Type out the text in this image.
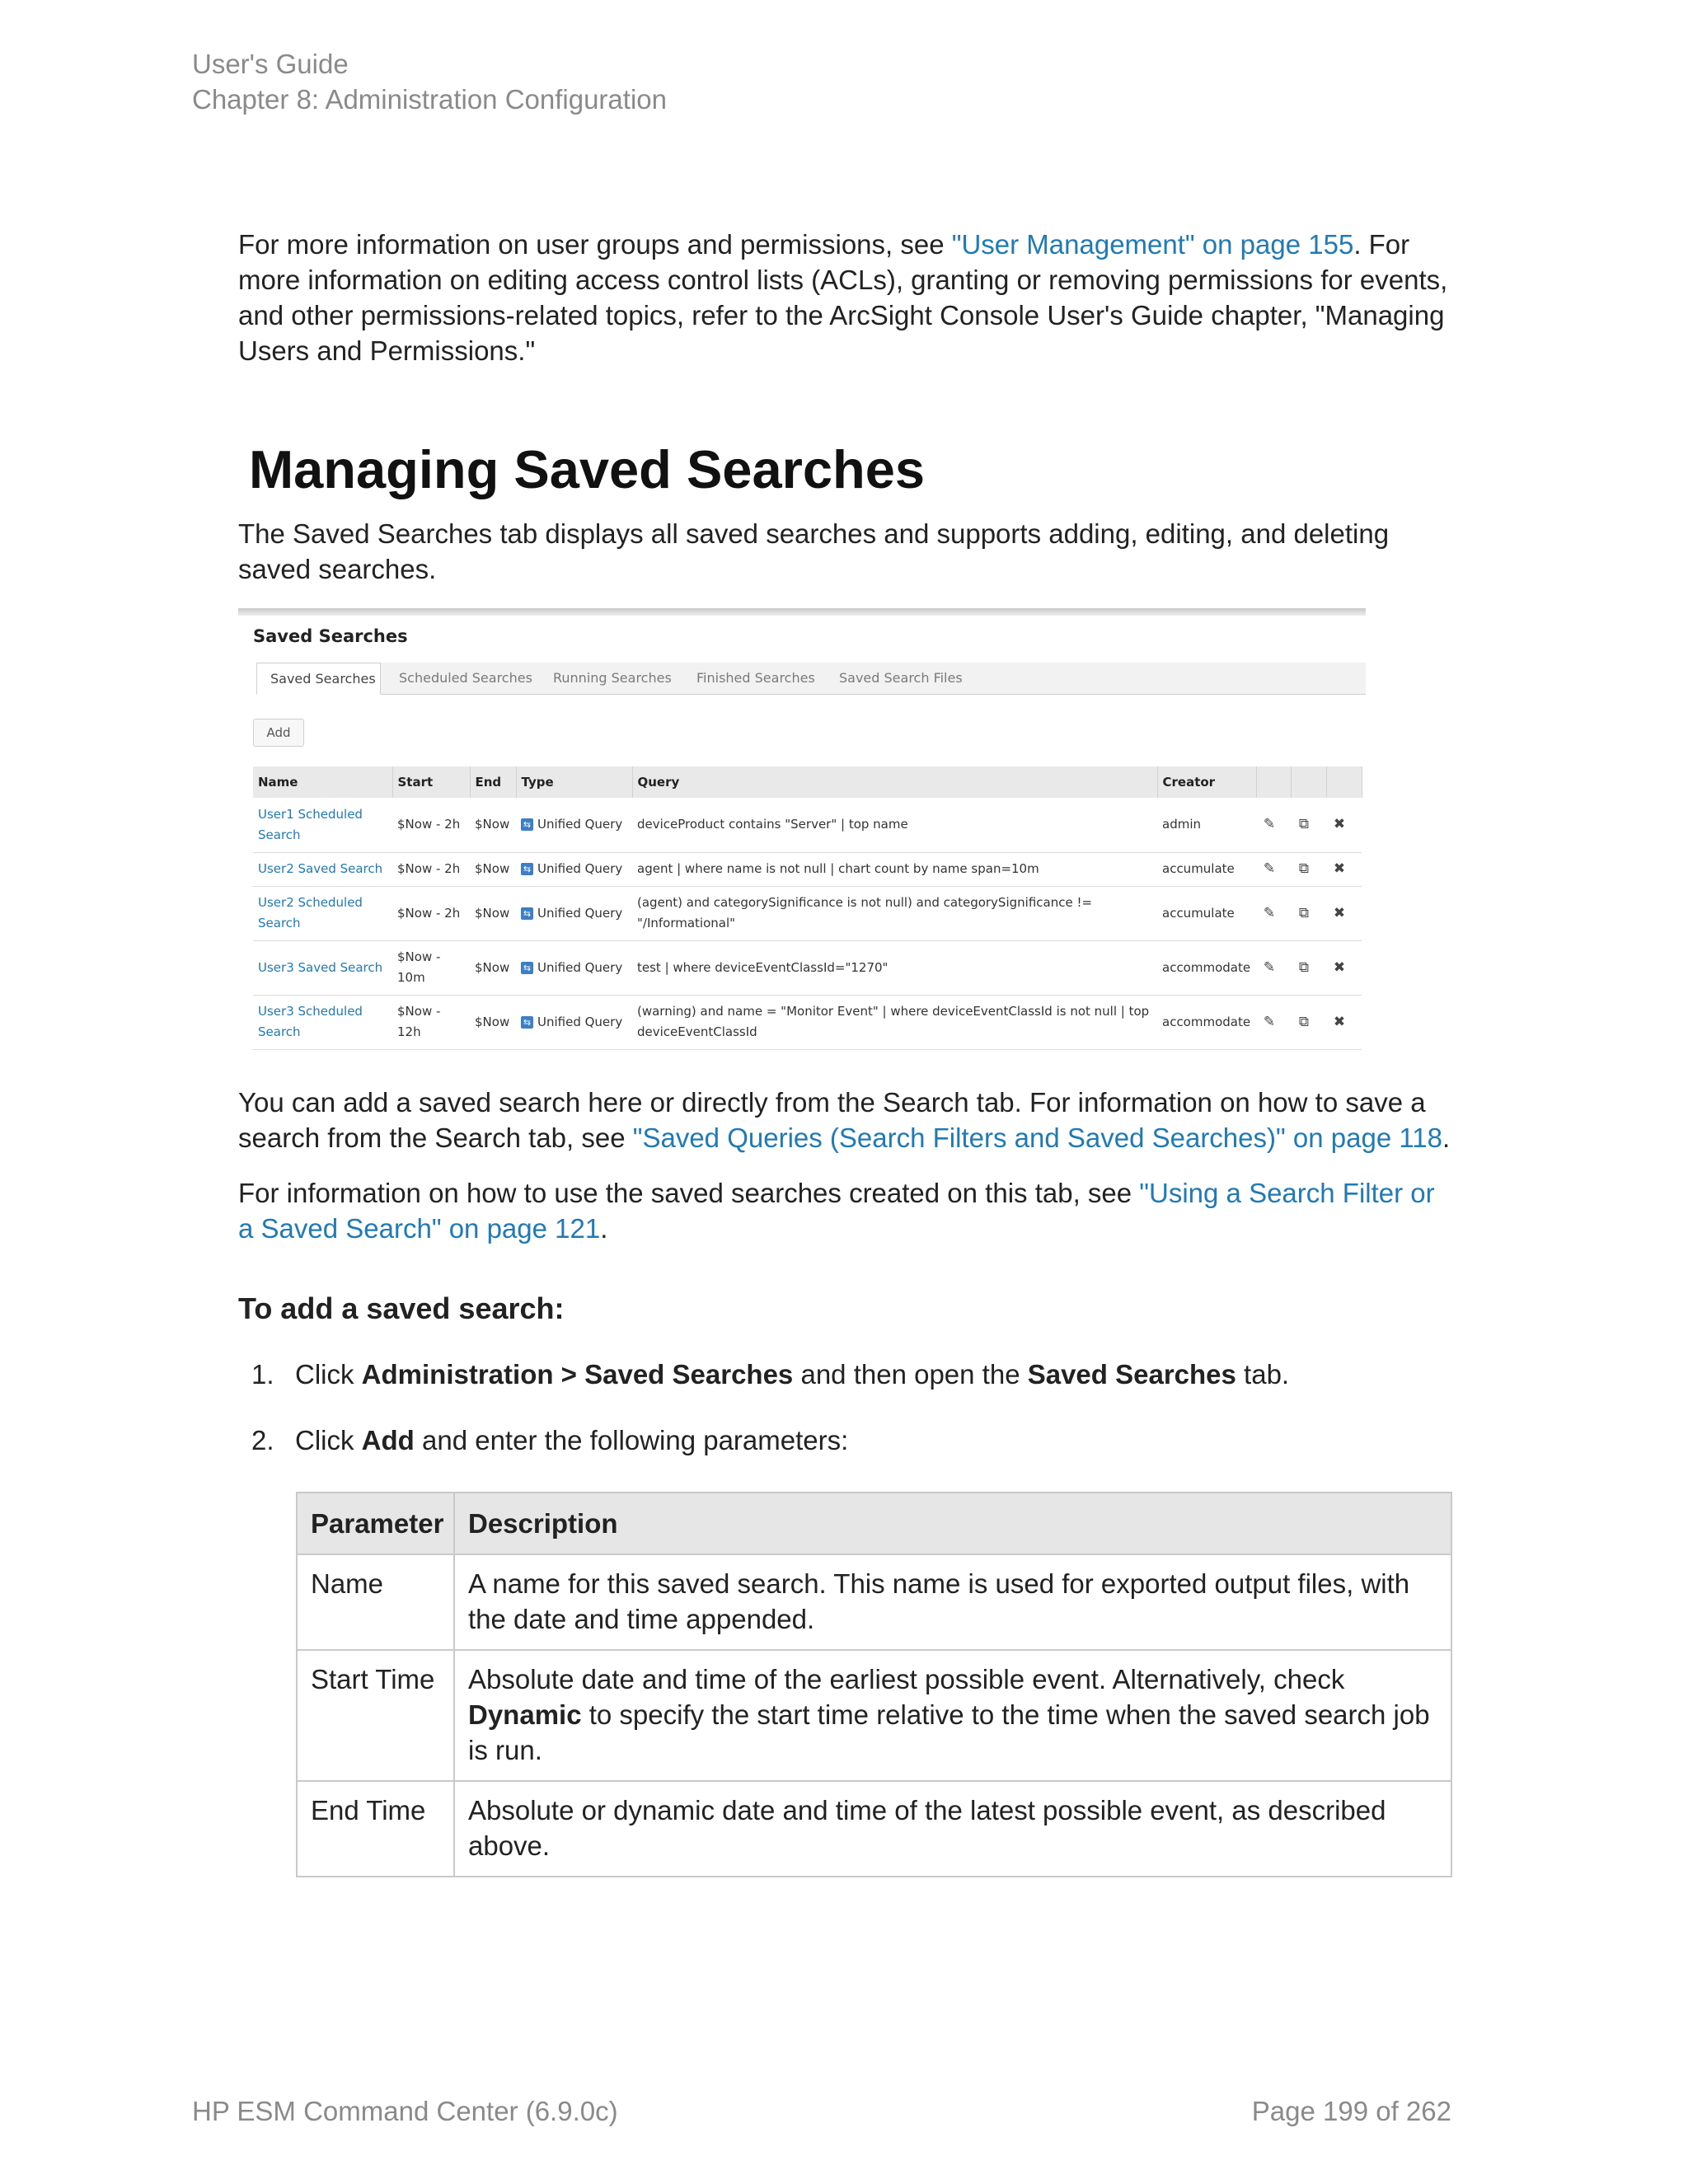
User's Guide
Chapter 8: Administration Configuration
For more information on user groups and permissions, see "User Management" on page 155. For more information on editing access control lists (ACLs), granting or removing permissions for events, and other permissions-related topics, refer to the ArcSight Console User's Guide chapter, "Managing Users and Permissions."
Managing Saved Searches
The Saved Searches tab displays all saved searches and supports adding, editing, and deleting saved searches.
Saved Searches
Saved Searches	Scheduled Searches Running Searches Finished Searches Saved Search Files
Add
Name	Start	End	Type	Query	Creator			
User1 Scheduled Search	$Now - 2h	$Now	⇆ Unified Query	deviceProduct contains "Server" | top name	admin	✎	⧉	✖
User2 Saved Search	$Now - 2h	$Now	⇆ Unified Query	agent | where name is not null | chart count by name span=10m	accumulate	✎	⧉	✖
User2 Scheduled Search	$Now - 2h	$Now	⇆ Unified Query	(agent) and categorySignificance is not null) and categorySignificance != "/Informational"	accumulate	✎	⧉	✖
User3 Saved Search	$Now - 10m	$Now	⇆ Unified Query	test | where deviceEventClassId="1270"	accommodate	✎	⧉	✖
User3 Scheduled Search	$Now - 12h	$Now	⇆ Unified Query	(warning) and name = "Monitor Event" | where deviceEventClassId is not null | top deviceEventClassId	accommodate	✎	⧉	✖
You can add a saved search here or directly from the Search tab. For information on how to save a search from the Search tab, see "Saved Queries (Search Filters and Saved Searches)" on page 118.
For information on how to use the saved searches created on this tab, see "Using a Search Filter or a Saved Search" on page 121.
To add a saved search:
1. Click Administration > Saved Searches and then open the Saved Searches tab.
2. Click Add and enter the following parameters:
Parameter	Description
Name	A name for this saved search. This name is used for exported output files, with the date and time appended.
Start Time	Absolute date and time of the earliest possible event. Alternatively, check Dynamic to specify the start time relative to the time when the saved search job is run.
End Time	Absolute or dynamic date and time of the latest possible event, as described above.
HP ESM Command Center (6.9.0c)	Page 199 of 262
